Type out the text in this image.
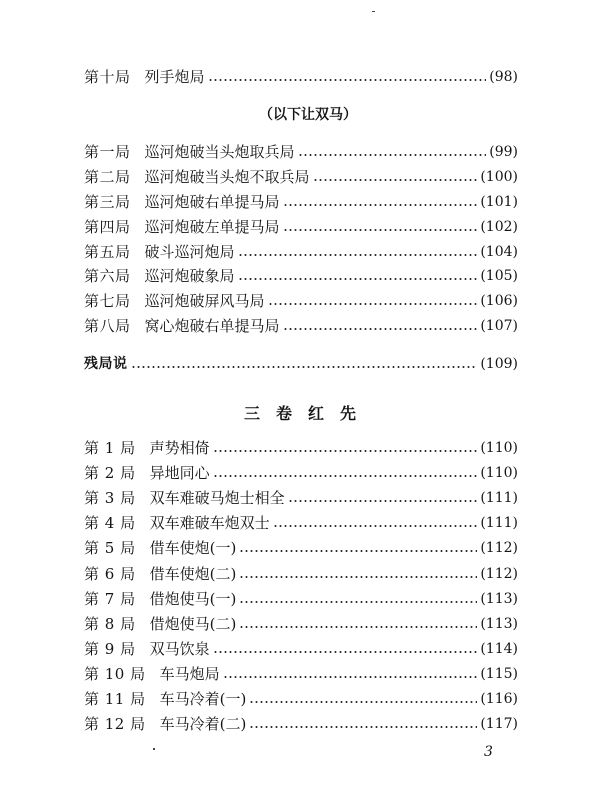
第十局 列手炮局	(98)
（以下让双马）
第一局 巡河炮破当头炮取兵局	(99)
第二局 巡河炮破当头炮不取兵局	(100)
第三局 巡河炮破右单提马局	(101)
第四局 巡河炮破左单提马局	(102)
第五局 破斗巡河炮局	(104)
第六局 巡河炮破象局	(105)
第七局 巡河炮破屏风马局	(106)
第八局 窝心炮破右单提马局	(107)
残局说	(109)
三卷红先
第 1 局 声势相倚	(110)
第 2 局 异地同心	(110)
第 3 局 双车难破马炮士相全	(111)
第 4 局 双车难破车炮双士	(111)
第 5 局 借车使炮(一)	(112)
第 6 局 借车使炮(二)	(112)
第 7 局 借炮使马(一)	(113)
第 8 局 借炮使马(二)	(113)
第 9 局 双马饮泉	(114)
第 10 局 车马炮局	(115)
第 11 局 车马冷着(一)	(116)
第 12 局 车马冷着(二)	(117)
3
